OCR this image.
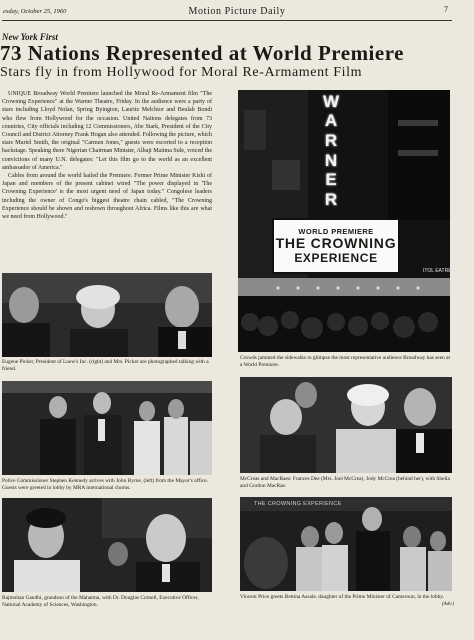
esday, October 25, 1960	Motion Picture Daily	7
New York First
73 Nations Represented at World Premiere
Stars fly in from Hollywood for Moral Re-Armament Film

UNIQUE Broadway World Premiere launched the Moral Re-Armament film "The Crowning Experience" at the Warner Theatre, Friday. In the audience were a party of stars including Lloyd Nolan, Spring Byington, Lauritz Melchior and Beulah Bondi who flew from Hollywood for the occasion. United Nations delegates from 73 countries, City officials including 12 Commissioners, Abe Stark, President of the City Council and District Attorney Frank Hogan also attended. Following the picture, which stars Muriel Smith, the original "Carmen Jones," guests were escorted to a reception backstage. Speaking there Nigerian Chairman Minister, Alhaji Maitma Sule, voiced the convictions of many U.N. delegates: "Let this film go to the world as an excellent ambassador of America."

Cables from around the world hailed the Premiere. Former Prime Minister Kishi of Japan and members of the present cabinet wired "The power displayed in 'The Crowning Experience' is the most urgent need of Japan today." Congolese leaders including the owner of Congo's biggest theatre chain cabled, "The Crowning Experience should be shown and reshown throughout Africa. Films like this are what we need from Hollywood."

W
A
R
N
E
R
WORLD PREMIERE
THE CROWNING
EXPERIENCE
ITOL EATRE
Crowds jammed the sidewalks to glimpse the most representative audience Broadway has seen at a World Premiere.
Eugene Picker, President of Loew's Inc. (right) and Mrs. Picker are photographed talking with a friend.
Police Commissioner Stephen Kennedy arrives with John Byrne, (left) from the Mayor's office. Guests were greeted in lobby by MRA international chorus.
McCreas and MacRaes: Frances Dee (Mrs. Joel McCrea), Jody McCrea (behind her), with Sheila and Gordon MacRae.
Rajmohan Gandhi, grandson of the Mahatma, with Dr. Douglas Cornell, Executive Officer, National Academy of Sciences, Washington.
THE CROWNING EXPERIENCE
Vincent Price greets Bettina Assale, daughter of the Prime Minister of Cameroun, in the lobby.
(Adv.)
